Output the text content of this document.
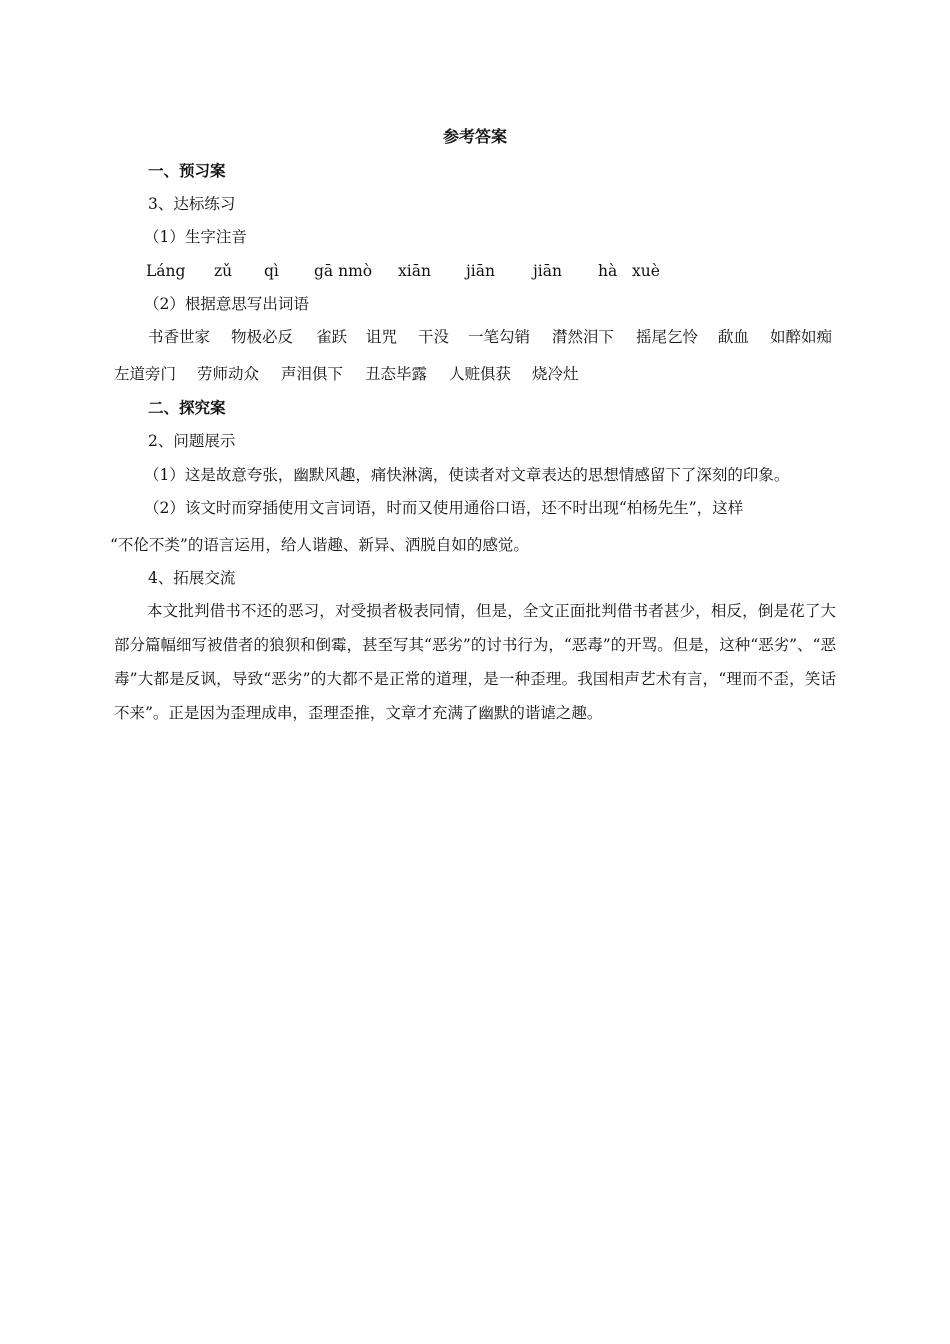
参考答案
一、预习案
3、达标练习
（1）生字注音
Láng zǔ qì gā nmò xiān jiān jiān hà xuè
（2）根据意思写出词语
书香世家 物极必反 雀跃 诅咒 干没 一笔勾销 潸然泪下 摇尾乞怜 歃血 如醉如痴
左道旁门 劳师动众 声泪俱下 丑态毕露 人赃俱获 烧冷灶
二、探究案
2、问题展示
（1）这是故意夸张，幽默风趣，痛快淋漓，使读者对文章表达的思想情感留下了深刻的印象。
（2）该文时而穿插使用文言词语，时而又使用通俗口语，还不时出现“柏杨先生”，这样
“不伦不类”的语言运用，给人谐趣、新异、洒脱自如的感觉。
4、拓展交流
本文批判借书不还的恶习，对受损者极表同情，但是，全文正面批判借书者甚少，相反，倒是花了大部分篇幅细写被借者的狼狈和倒霉，甚至写其“恶劣”的讨书行为，“恶毒”的开骂。但是，这种“恶劣”、“恶毒”大都是反讽，导致“恶劣”的大都不是正常的道理，是一种歪理。我国相声艺术有言，“理而不歪，笑话不来”。正是因为歪理成串，歪理歪推，文章才充满了幽默的谐谑之趣。
